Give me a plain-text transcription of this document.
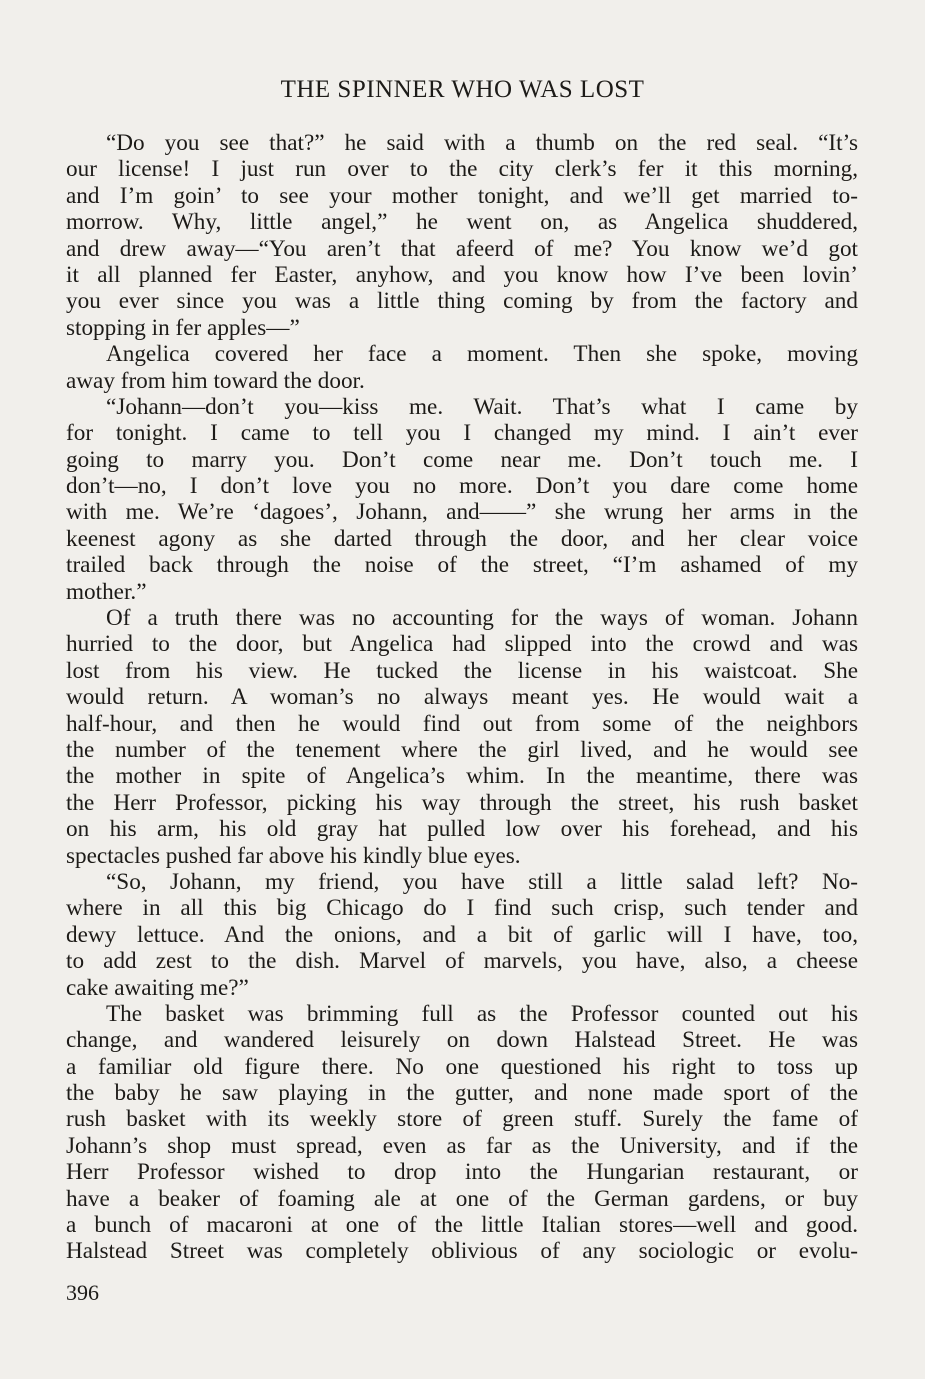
THE SPINNER WHO WAS LOST
“Do you see that?” he said with a thumb on the red seal. “It’s
our license! I just run over to the city clerk’s fer it this morning,
and I’m goin’ to see your mother tonight, and we’ll get married to-
morrow. Why, little angel,” he went on, as Angelica shuddered,
and drew away—“You aren’t that afeerd of me? You know we’d got
it all planned fer Easter, anyhow, and you know how I’ve been lovin’
you ever since you was a little thing coming by from the factory and
stopping in fer apples—”
Angelica covered her face a moment. Then she spoke, moving
away from him toward the door.
“Johann—don’t you—kiss me. Wait. That’s what I came by
for tonight. I came to tell you I changed my mind. I ain’t ever
going to marry you. Don’t come near me. Don’t touch me. I
don’t—no, I don’t love you no more. Don’t you dare come home
with me. We’re ‘dagoes’, Johann, and——” she wrung her arms in the
keenest agony as she darted through the door, and her clear voice
trailed back through the noise of the street, “I’m ashamed of my
mother.”
Of a truth there was no accounting for the ways of woman. Johann
hurried to the door, but Angelica had slipped into the crowd and was
lost from his view. He tucked the license in his waistcoat. She
would return. A woman’s no always meant yes. He would wait a
half-hour, and then he would find out from some of the neighbors
the number of the tenement where the girl lived, and he would see
the mother in spite of Angelica’s whim. In the meantime, there was
the Herr Professor, picking his way through the street, his rush basket
on his arm, his old gray hat pulled low over his forehead, and his
spectacles pushed far above his kindly blue eyes.
“So, Johann, my friend, you have still a little salad left? No-
where in all this big Chicago do I find such crisp, such tender and
dewy lettuce. And the onions, and a bit of garlic will I have, too,
to add zest to the dish. Marvel of marvels, you have, also, a cheese
cake awaiting me?”
The basket was brimming full as the Professor counted out his
change, and wandered leisurely on down Halstead Street. He was
a familiar old figure there. No one questioned his right to toss up
the baby he saw playing in the gutter, and none made sport of the
rush basket with its weekly store of green stuff. Surely the fame of
Johann’s shop must spread, even as far as the University, and if the
Herr Professor wished to drop into the Hungarian restaurant, or
have a beaker of foaming ale at one of the German gardens, or buy
a bunch of macaroni at one of the little Italian stores—well and good.
Halstead Street was completely oblivious of any sociologic or evolu-
396
